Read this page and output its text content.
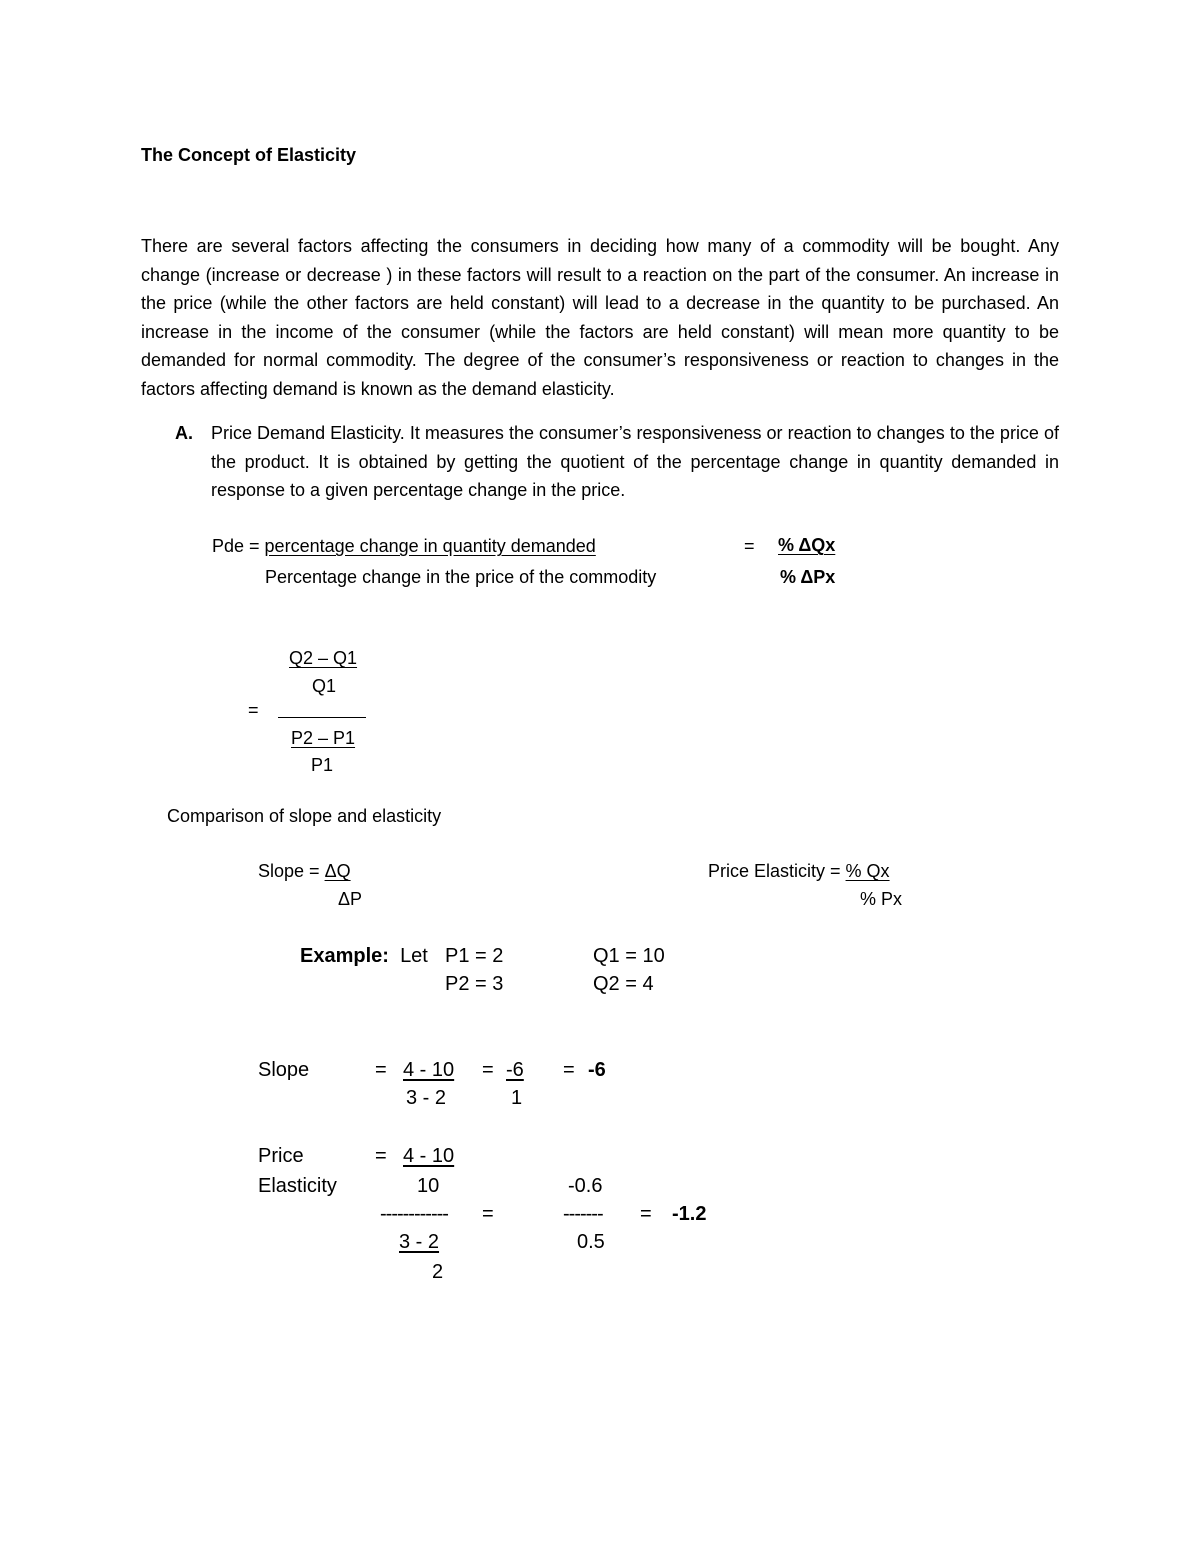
The Concept of Elasticity

There are several factors affecting the consumers in deciding how many of a commodity will be bought. Any change (increase or decrease ) in these factors will result to a reaction on the part of the consumer. An increase in the price (while the other factors are held constant) will lead to a decrease in the quantity to be purchased. An increase in the income of the consumer (while the factors are held constant) will mean more quantity to be demanded for normal commodity. The degree of the consumer’s responsiveness or reaction to changes in the factors affecting demand is known as the demand elasticity.

A. Price Demand Elasticity. It measures the consumer’s responsiveness or reaction to changes to the price of the product. It is obtained by getting the quotient of the percentage change in quantity demanded in response to a given percentage change in the price.
Pde = percentage change in quantity demanded
Percentage change in the price of the commodity
= % ΔQx
% ΔPx
Q2 – Q1
Q1
=
P2 – P1
P1
Comparison of slope and elasticity
Slope = ΔQ
ΔP
Price Elasticity = % Qx
% Px
Example: Let P1 = 2
P2 = 3
Q1 = 10
Q2 = 4
Slope	= 4 - 10
3 - 2
= -6
1
= -6
Price
Elasticity
= 4 - 10
10
------------ =
3 - 2
2
-0.6
-------
0.5
= -1.2
